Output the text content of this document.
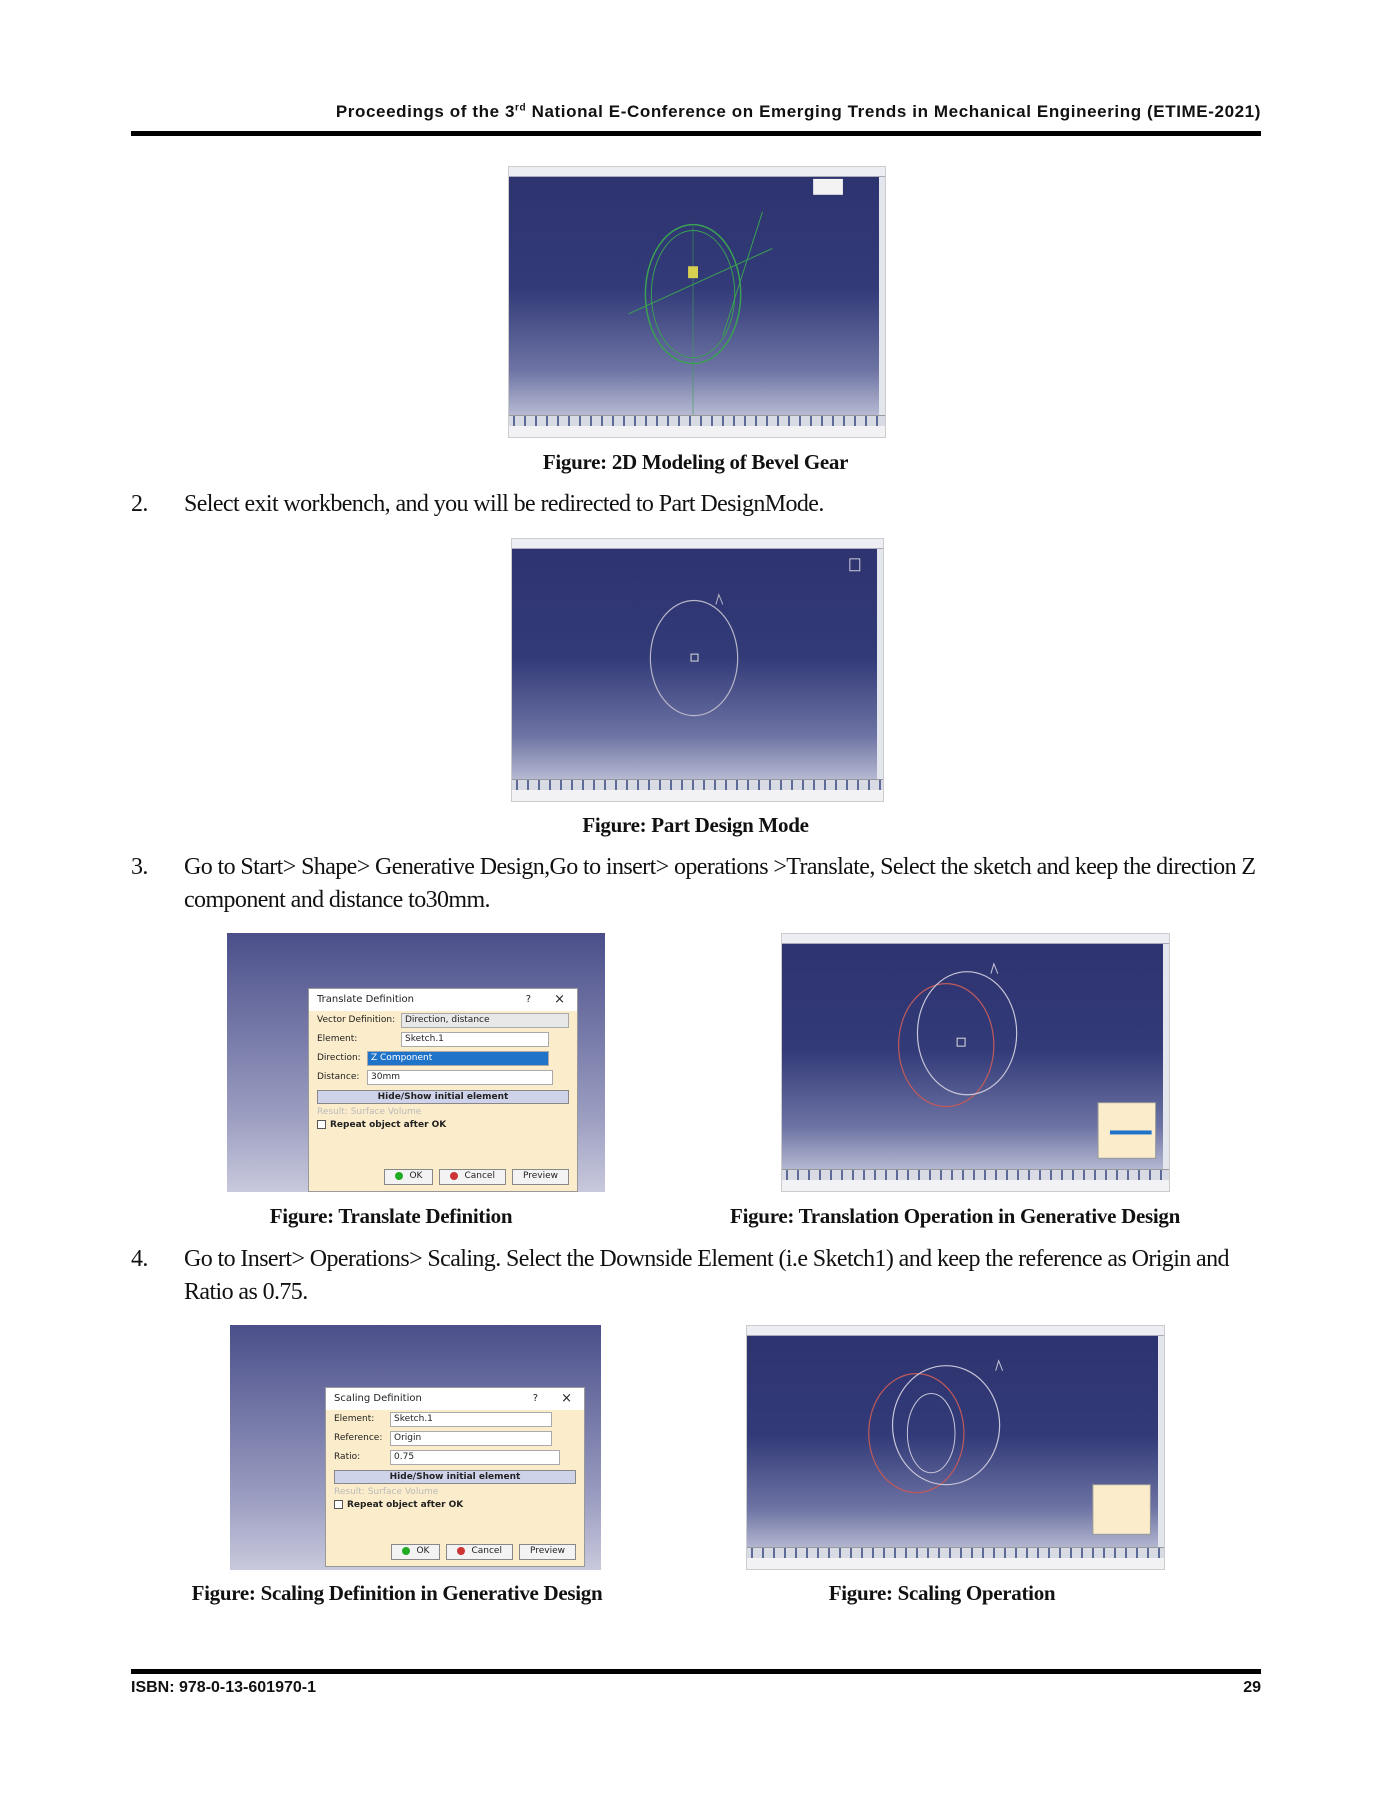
Proceedings of the 3rd National E-Conference on Emerging Trends in Mechanical Engineering (ETIME-2021)
Figure: 2D Modeling of Bevel Gear
2. Select exit workbench, and you will be redirected to Part DesignMode.
Figure: Part Design Mode
3. Go to Start> Shape> Generative Design,Go to insert> operations >Translate, Select the sketch and keep the direction Z component and distance to30mm.
Translate Definition	? ×
Vector Definition:	Direction, distance
Element:	Sketch.1
Direction:	Z Component
Distance:	30mm
Hide/Show initial element
Result: Surface Volume
Repeat object after OK
OK	Cancel	Preview
Figure: Translate Definition	Figure: Translation Operation in Generative Design
4. Go to Insert> Operations> Scaling. Select the Downside Element (i.e Sketch1) and keep the reference as Origin and Ratio as 0.75.
Scaling Definition	? ×
Element:	Sketch.1
Reference:	Origin
Ratio:	0.75
Hide/Show initial element
Result: Surface Volume
Repeat object after OK
OK	Cancel	Preview
Figure: Scaling Definition in Generative Design	Figure: Scaling Operation
ISBN: 978-0-13-601970-1	29
